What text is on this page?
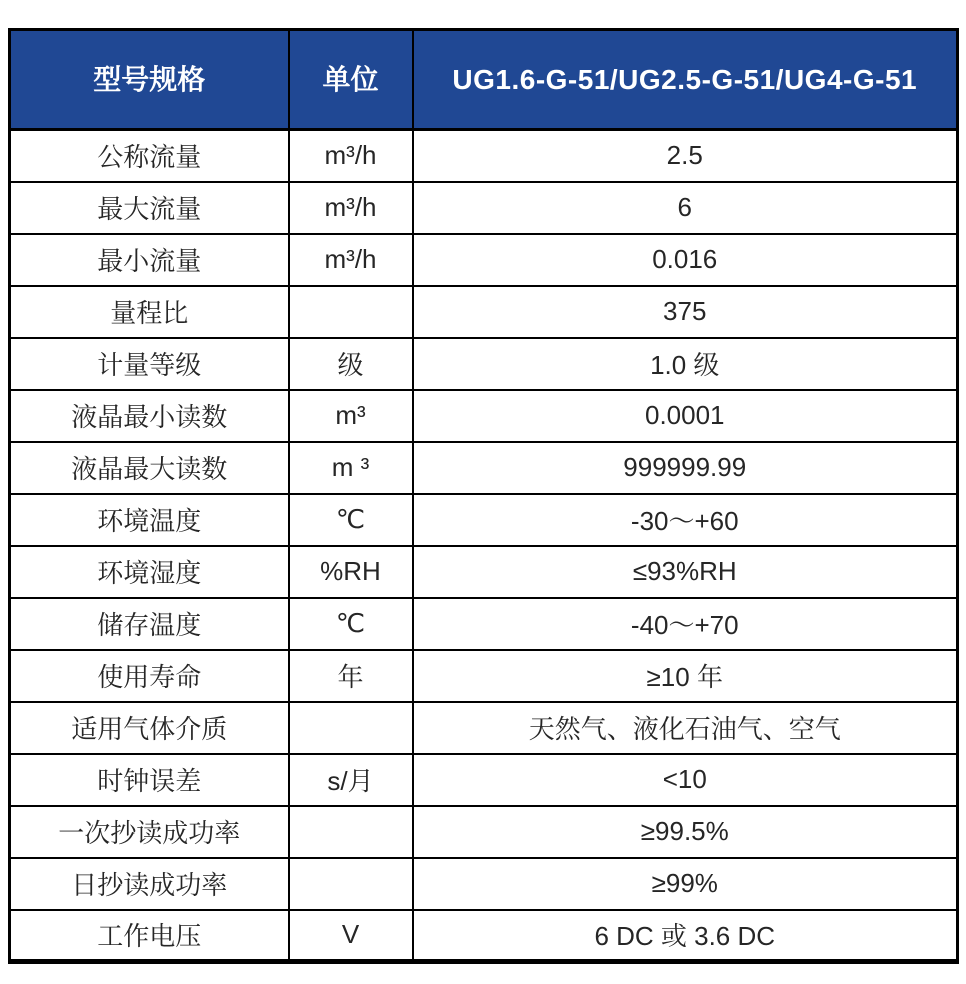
型号规格	单位	UG1.6-G-51/UG2.5-G-51/UG4-G-51
公称流量	m³/h	2.5
最大流量	m³/h	6
最小流量	m³/h	0.016
量程比		375
计量等级	级	1.0 级
液晶最小读数	m³	0.0001
液晶最大读数	m ³	999999.99
环境温度	℃	-30～+60
环境湿度	%RH	≤93%RH
储存温度	℃	-40～+70
使用寿命	年	≥10 年
适用气体介质		天然气、液化石油气、空气
时钟误差	s/月	<10
一次抄读成功率		≥99.5%
日抄读成功率		≥99%
工作电压	V	6 DC 或 3.6 DC
